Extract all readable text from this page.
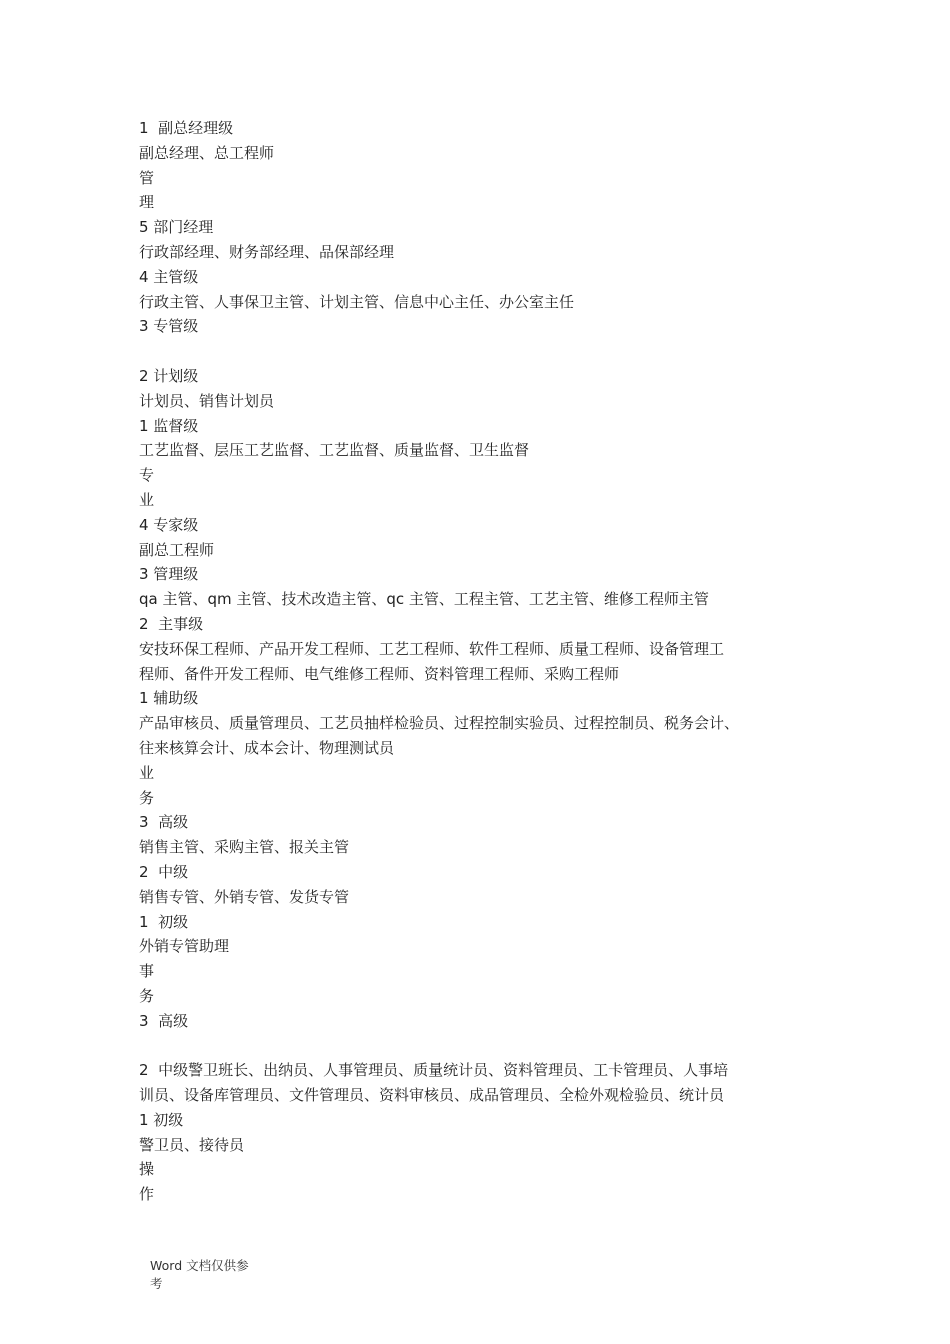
1  副总经理级
副总经理、总工程师
管
理
5 部门经理
行政部经理、财务部经理、品保部经理
4 主管级
行政主管、人事保卫主管、计划主管、信息中心主任、办公室主任
3 专管级
2 计划级
计划员、销售计划员
1 监督级
工艺监督、层压工艺监督、工艺监督、质量监督、卫生监督
专
业
4 专家级
副总工程师
3 管理级
qa 主管、qm 主管、技术改造主管、qc 主管、工程主管、工艺主管、维修工程师主管
2  主事级
安技环保工程师、产品开发工程师、工艺工程师、软件工程师、质量工程师、设备管理工
程师、备件开发工程师、电气维修工程师、资料管理工程师、采购工程师
1 辅助级
产品审核员、质量管理员、工艺员抽样检验员、过程控制实验员、过程控制员、税务会计、
往来核算会计、成本会计、物理测试员
业
务
3  高级
销售主管、采购主管、报关主管
2  中级
销售专管、外销专管、发货专管
1  初级
外销专管助理
事
务
3  高级
2  中级警卫班长、出纳员、人事管理员、质量统计员、资料管理员、工卡管理员、人事培
训员、设备库管理员、文件管理员、资料审核员、成品管理员、全检外观检验员、统计员
1 初级
警卫员、接待员
操
作
Word 文档仅供参
考
